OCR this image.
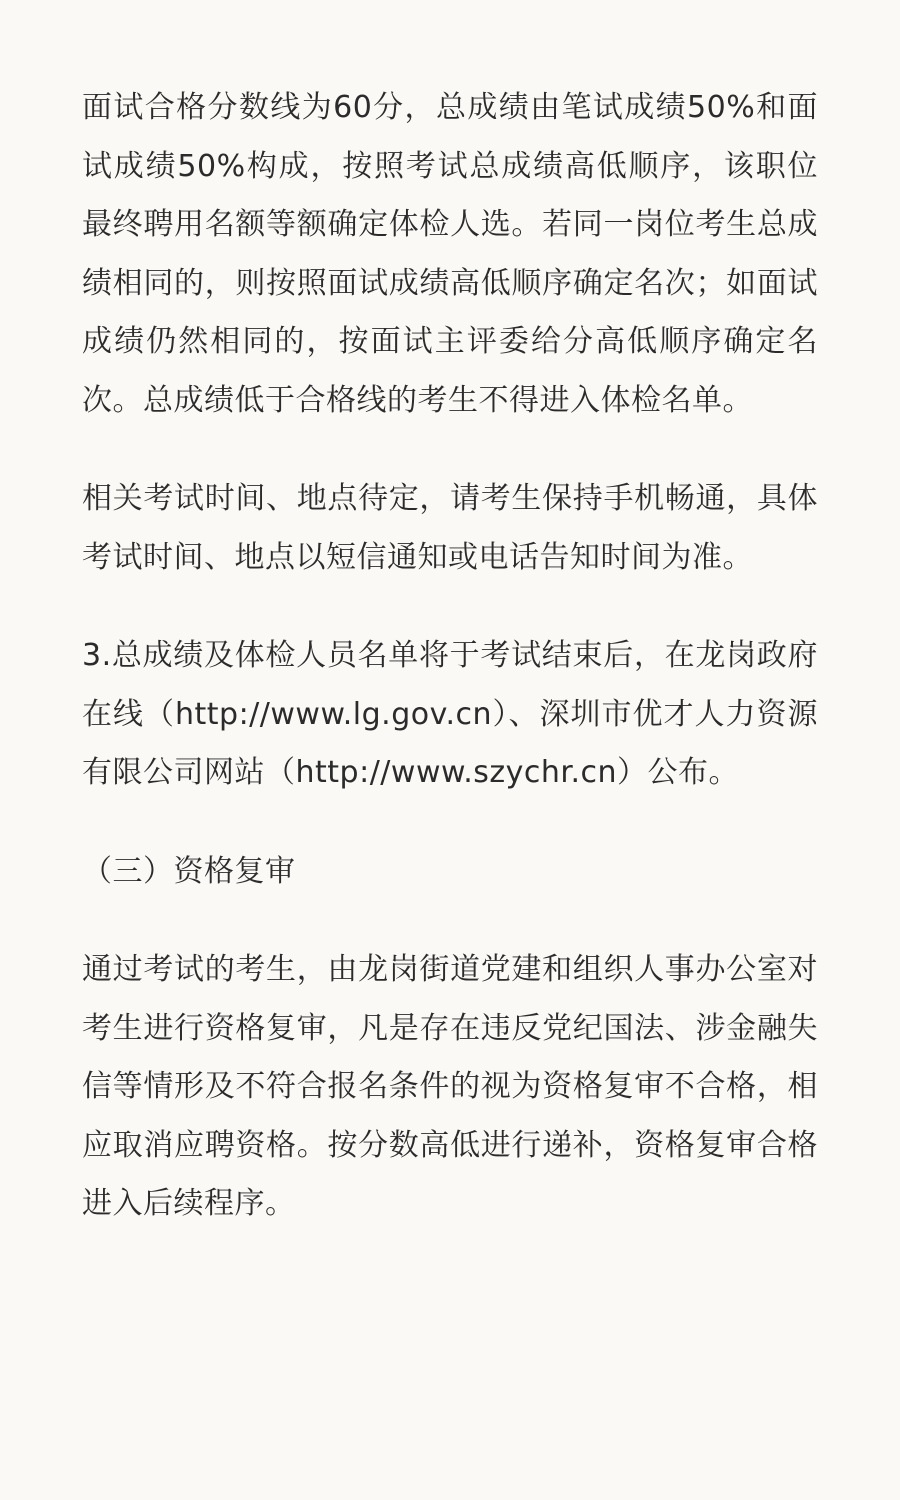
面试合格分数线为60分，总成绩由笔试成绩50%和面试成绩50%构成，按照考试总成绩高低顺序，该职位最终聘用名额等额确定体检人选。若同一岗位考生总成绩相同的，则按照面试成绩高低顺序确定名次；如面试成绩仍然相同的，按面试主评委给分高低顺序确定名次。总成绩低于合格线的考生不得进入体检名单。

相关考试时间、地点待定，请考生保持手机畅通，具体考试时间、地点以短信通知或电话告知时间为准。

3.总成绩及体检人员名单将于考试结束后，在龙岗政府在线（http://www.lg.gov.cn）、深圳市优才人力资源有限公司网站（http://www.szychr.cn）公布。

（三）资格复审

通过考试的考生，由龙岗街道党建和组织人事办公室对考生进行资格复审，凡是存在违反党纪国法、涉金融失信等情形及不符合报名条件的视为资格复审不合格，相应取消应聘资格。按分数高低进行递补，资格复审合格进入后续程序。
